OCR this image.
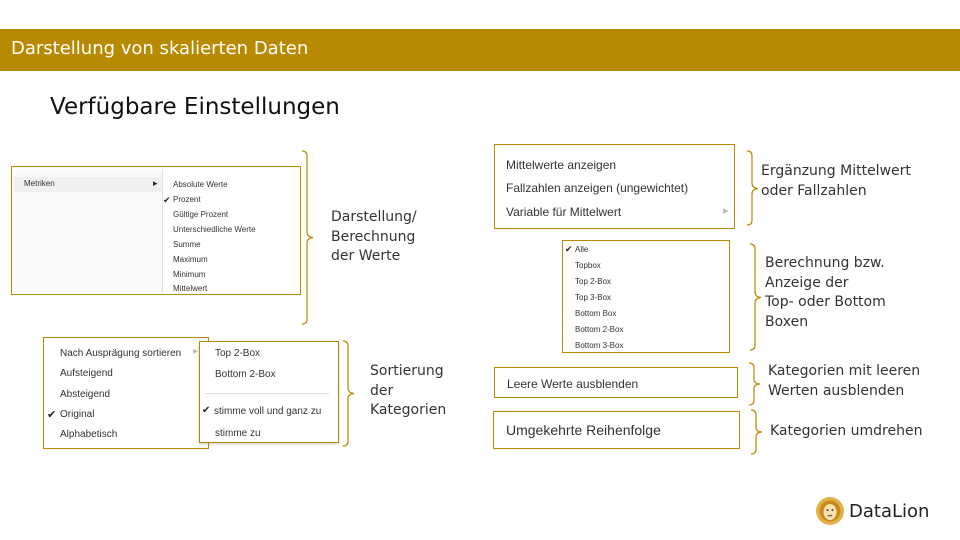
Darstellung von skalierten Daten
Verfügbare Einstellungen
Metriken	▸
✔
Absolute Werte
Prozent
Gültige Prozent
Unterschiedliche Werte
Summe
Maximum
Minimum
Mittelwert
Darstellung/
Berechnung
der Werte
Nach Ausprägung sortieren ▸
Aufsteigend
Absteigend
✔ Original
Alphabetisch
Top 2-Box
Bottom 2-Box
✔ stimme voll und ganz zu
stimme zu
Sortierung
der
Kategorien
Mittelwerte anzeigen
Fallzahlen anzeigen (ungewichtet)
Variable für Mittelwert	▸
Ergänzung Mittelwert
oder Fallzahlen
✔ Alle
Topbox
Top 2-Box
Top 3-Box
Bottom Box
Bottom 2-Box
Bottom 3-Box
Berechnung bzw.
Anzeige der
Top- oder Bottom
Boxen
Leere Werte ausblenden
Kategorien mit leeren
Werten ausblenden
Umgekehrte Reihenfolge	Kategorien umdrehen
DataLion
